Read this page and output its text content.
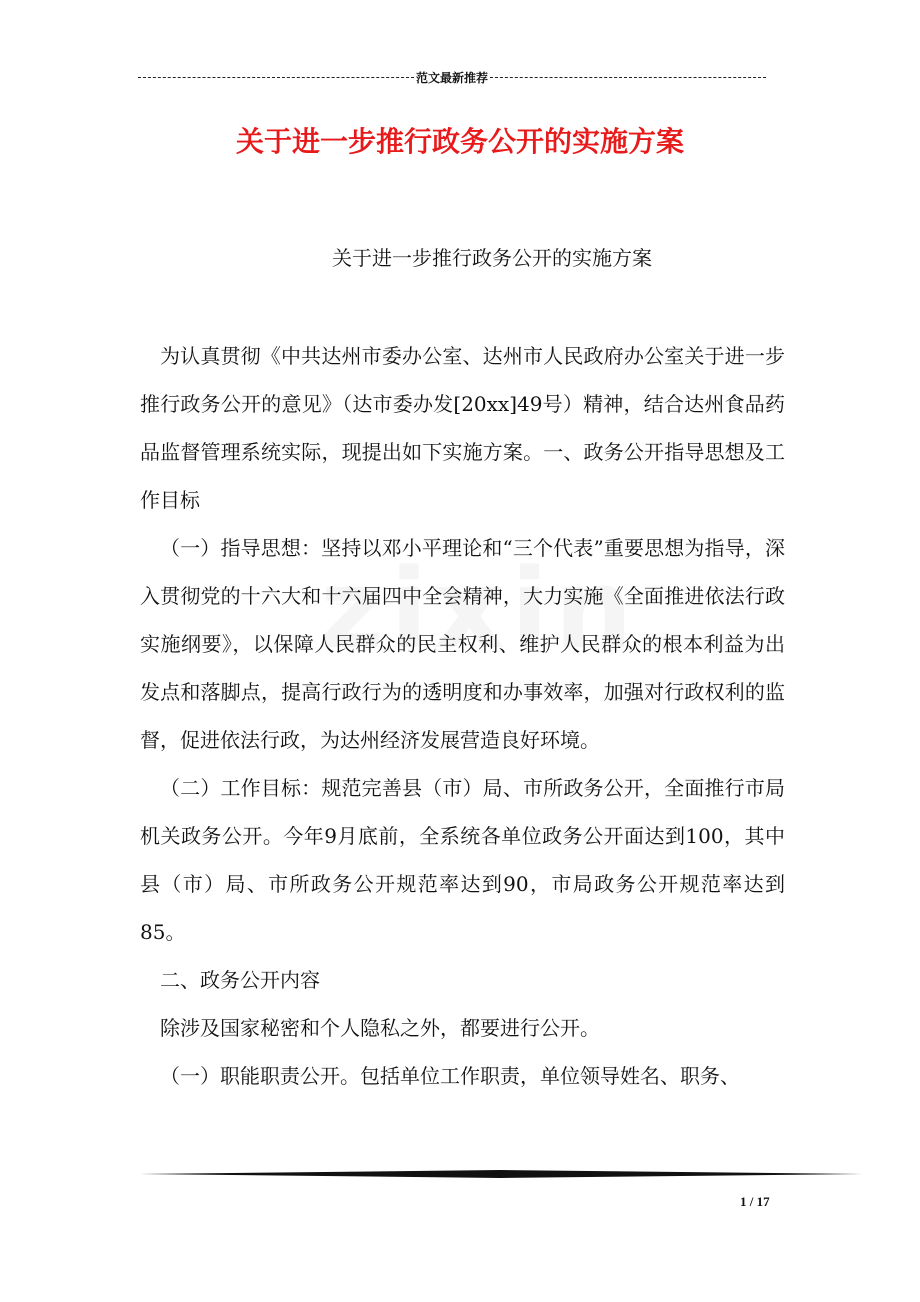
范文最新推荐
关于进一步推行政务公开的实施方案
关于进一步推行政务公开的实施方案

为认真贯彻《中共达州市委办公室、达州市人民政府办公室关于进一步推行政务公开的意见》（达市委办发[20xx]49号）精神，结合达州食品药品监督管理系统实际，现提出如下实施方案。一、政务公开指导思想及工作目标

（一）指导思想：坚持以邓小平理论和“三个代表”重要思想为指导，深入贯彻党的十六大和十六届四中全会精神，大力实施《全面推进依法行政实施纲要》，以保障人民群众的民主权利、维护人民群众的根本利益为出发点和落脚点，提高行政行为的透明度和办事效率，加强对行政权利的监督，促进依法行政，为达州经济发展营造良好环境。

（二）工作目标：规范完善县（市）局、市所政务公开，全面推行市局机关政务公开。今年9月底前，全系统各单位政务公开面达到100，其中县（市）局、市所政务公开规范率达到90，市局政务公开规范率达到85。

二、政务公开内容

除涉及国家秘密和个人隐私之外，都要进行公开。

（一）职能职责公开。包括单位工作职责，单位领导姓名、职务、

1 / 17
